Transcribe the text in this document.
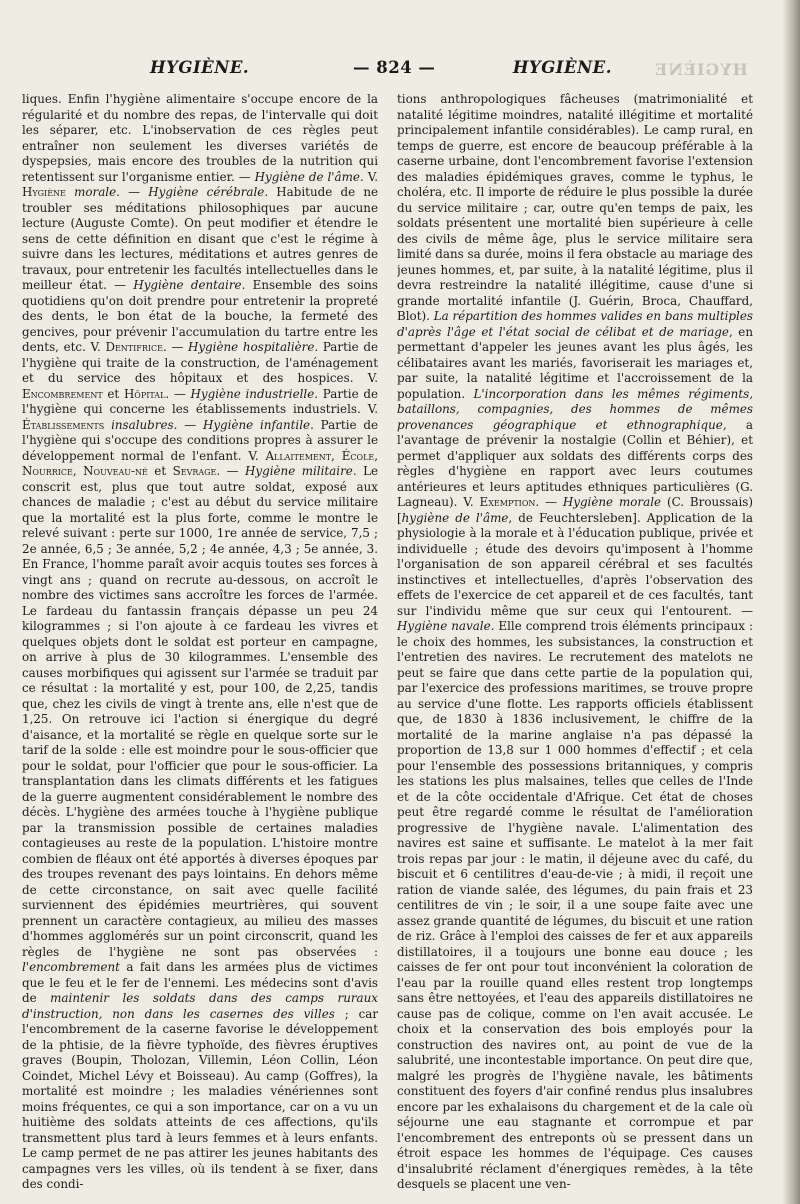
HYGIÈNE.	— 824 —	HYGIÈNE.	HYGIÈNE

liques. Enfin l'hygiène alimentaire s'occupe encore de la régularité et du nombre des repas, de l'intervalle qui doit les séparer, etc. L'inobservation de ces règles peut entraîner non seulement les diverses variétés de dyspepsies, mais encore des troubles de la nutrition qui retentissent sur l'organisme entier. — Hygiène de l'âme. V. Hygiène morale. — Hygiène cérébrale. Habitude de ne troubler ses méditations philosophiques par aucune lecture (Auguste Comte). On peut modifier et étendre le sens de cette définition en disant que c'est le régime à suivre dans les lectures, méditations et autres genres de travaux, pour entretenir les facultés intellectuelles dans le meilleur état. — Hygiène dentaire. Ensemble des soins quotidiens qu'on doit prendre pour entretenir la propreté des dents, le bon état de la bouche, la fermeté des gencives, pour prévenir l'accumulation du tartre entre les dents, etc. V. Dentifrice. — Hygiène hospitalière. Partie de l'hygiène qui traite de la construction, de l'aménagement et du service des hôpitaux et des hospices. V. Encombrement et Hôpital. — Hygiène industrielle. Partie de l'hygiène qui concerne les établissements industriels. V. Établissements insalubres. — Hygiène infantile. Partie de l'hygiène qui s'occupe des conditions propres à assurer le développement normal de l'enfant. V. Allaitement, École, Nourrice, Nouveau-né et Sevrage. — Hygiène militaire. Le conscrit est, plus que tout autre soldat, exposé aux chances de maladie ; c'est au début du service militaire que la mortalité est la plus forte, comme le montre le relevé suivant : perte sur 1000, 1re année de service, 7,5 ; 2e année, 6,5 ; 3e année, 5,2 ; 4e année, 4,3 ; 5e année, 3. En France, l'homme paraît avoir acquis toutes ses forces à vingt ans ; quand on recrute au-dessous, on accroît le nombre des victimes sans accroître les forces de l'armée. Le fardeau du fantassin français dépasse un peu 24 kilogrammes ; si l'on ajoute à ce fardeau les vivres et quelques objets dont le soldat est porteur en campagne, on arrive à plus de 30 kilogrammes. L'ensemble des causes morbifiques qui agissent sur l'armée se traduit par ce résultat : la mortalité y est, pour 100, de 2,25, tandis que, chez les civils de vingt à trente ans, elle n'est que de 1,25. On retrouve ici l'action si énergique du degré d'aisance, et la mortalité se règle en quelque sorte sur le tarif de la solde : elle est moindre pour le sous-officier que pour le soldat, pour l'officier que pour le sous-officier. La transplantation dans les climats différents et les fatigues de la guerre augmentent considérablement le nombre des décès. L'hygiène des armées touche à l'hygiène publique par la transmission possible de certaines maladies contagieuses au reste de la population. L'histoire montre combien de fléaux ont été apportés à diverses époques par des troupes revenant des pays lointains. En dehors même de cette circonstance, on sait avec quelle facilité surviennent des épidémies meurtrières, qui souvent prennent un caractère contagieux, au milieu des masses d'hommes agglomérés sur un point circonscrit, quand les règles de l'hygiène ne sont pas observées : l'encombrement a fait dans les armées plus de victimes que le feu et le fer de l'ennemi. Les médecins sont d'avis de maintenir les soldats dans des camps ruraux d'instruction, non dans les casernes des villes ; car l'encombrement de la caserne favorise le développement de la phtisie, de la fièvre typhoïde, des fièvres éruptives graves (Boupin, Tholozan, Villemin, Léon Collin, Léon Coindet, Michel Lévy et Boisseau). Au camp (Goffres), la mortalité est moindre ; les maladies vénériennes sont moins fréquentes, ce qui a son importance, car on a vu un huitième des soldats atteints de ces affections, qu'ils transmettent plus tard à leurs femmes et à leurs enfants. Le camp permet de ne pas attirer les jeunes habitants des campagnes vers les villes, où ils tendent à se fixer, dans des condi-

tions anthropologiques fâcheuses (matrimonialité et natalité légitime moindres, natalité illégitime et mortalité principalement infantile considérables). Le camp rural, en temps de guerre, est encore de beaucoup préférable à la caserne urbaine, dont l'encombrement favorise l'extension des maladies épidémiques graves, comme le typhus, le choléra, etc. Il importe de réduire le plus possible la durée du service militaire ; car, outre qu'en temps de paix, les soldats présentent une mortalité bien supérieure à celle des civils de même âge, plus le service militaire sera limité dans sa durée, moins il fera obstacle au mariage des jeunes hommes, et, par suite, à la natalité légitime, plus il devra restreindre la natalité illégitime, cause d'une si grande mortalité infantile (J. Guérin, Broca, Chauffard, Blot). La répartition des hommes valides en bans multiples d'après l'âge et l'état social de célibat et de mariage, en permettant d'appeler les jeunes avant les plus âgés, les célibataires avant les mariés, favoriserait les mariages et, par suite, la natalité légitime et l'accroissement de la population. L'incorporation dans les mêmes régiments, bataillons, compagnies, des hommes de mêmes provenances géographique et ethnographique, a l'avantage de prévenir la nostalgie (Collin et Béhier), et permet d'appliquer aux soldats des différents corps des règles d'hygiène en rapport avec leurs coutumes antérieures et leurs aptitudes ethniques particulières (G. Lagneau). V. Exemption. — Hygiène morale (C. Broussais) [hygiène de l'âme, de Feuchtersleben]. Application de la physiologie à la morale et à l'éducation publique, privée et individuelle ; étude des devoirs qu'imposent à l'homme l'organisation de son appareil cérébral et ses facultés instinctives et intellectuelles, d'après l'observation des effets de l'exercice de cet appareil et de ces facultés, tant sur l'individu même que sur ceux qui l'entourent. — Hygiène navale. Elle comprend trois éléments principaux : le choix des hommes, les subsistances, la construction et l'entretien des navires. Le recrutement des matelots ne peut se faire que dans cette partie de la population qui, par l'exercice des professions maritimes, se trouve propre au service d'une flotte. Les rapports officiels établissent que, de 1830 à 1836 inclusivement, le chiffre de la mortalité de la marine anglaise n'a pas dépassé la proportion de 13,8 sur 1 000 hommes d'effectif ; et cela pour l'ensemble des possessions britanniques, y compris les stations les plus malsaines, telles que celles de l'Inde et de la côte occidentale d'Afrique. Cet état de choses peut être regardé comme le résultat de l'amélioration progressive de l'hygiène navale. L'alimentation des navires est saine et suffisante. Le matelot à la mer fait trois repas par jour : le matin, il déjeune avec du café, du biscuit et 6 centilitres d'eau-de-vie ; à midi, il reçoit une ration de viande salée, des légumes, du pain frais et 23 centilitres de vin ; le soir, il a une soupe faite avec une assez grande quantité de légumes, du biscuit et une ration de riz. Grâce à l'emploi des caisses de fer et aux appareils distillatoires, il a toujours une bonne eau douce ; les caisses de fer ont pour tout inconvénient la coloration de l'eau par la rouille quand elles restent trop longtemps sans être nettoyées, et l'eau des appareils distillatoires ne cause pas de colique, comme on l'en avait accusée. Le choix et la conservation des bois employés pour la construction des navires ont, au point de vue de la salubrité, une incontestable importance. On peut dire que, malgré les progrès de l'hygiène navale, les bâtiments constituent des foyers d'air confiné rendus plus insalubres encore par les exhalaisons du chargement et de la cale où séjourne une eau stagnante et corrompue et par l'encombrement des entreponts où se pressent dans un étroit espace les hommes de l'équipage. Ces causes d'insalubrité réclament d'énergiques remèdes, à la tête desquels se placent une ven-
